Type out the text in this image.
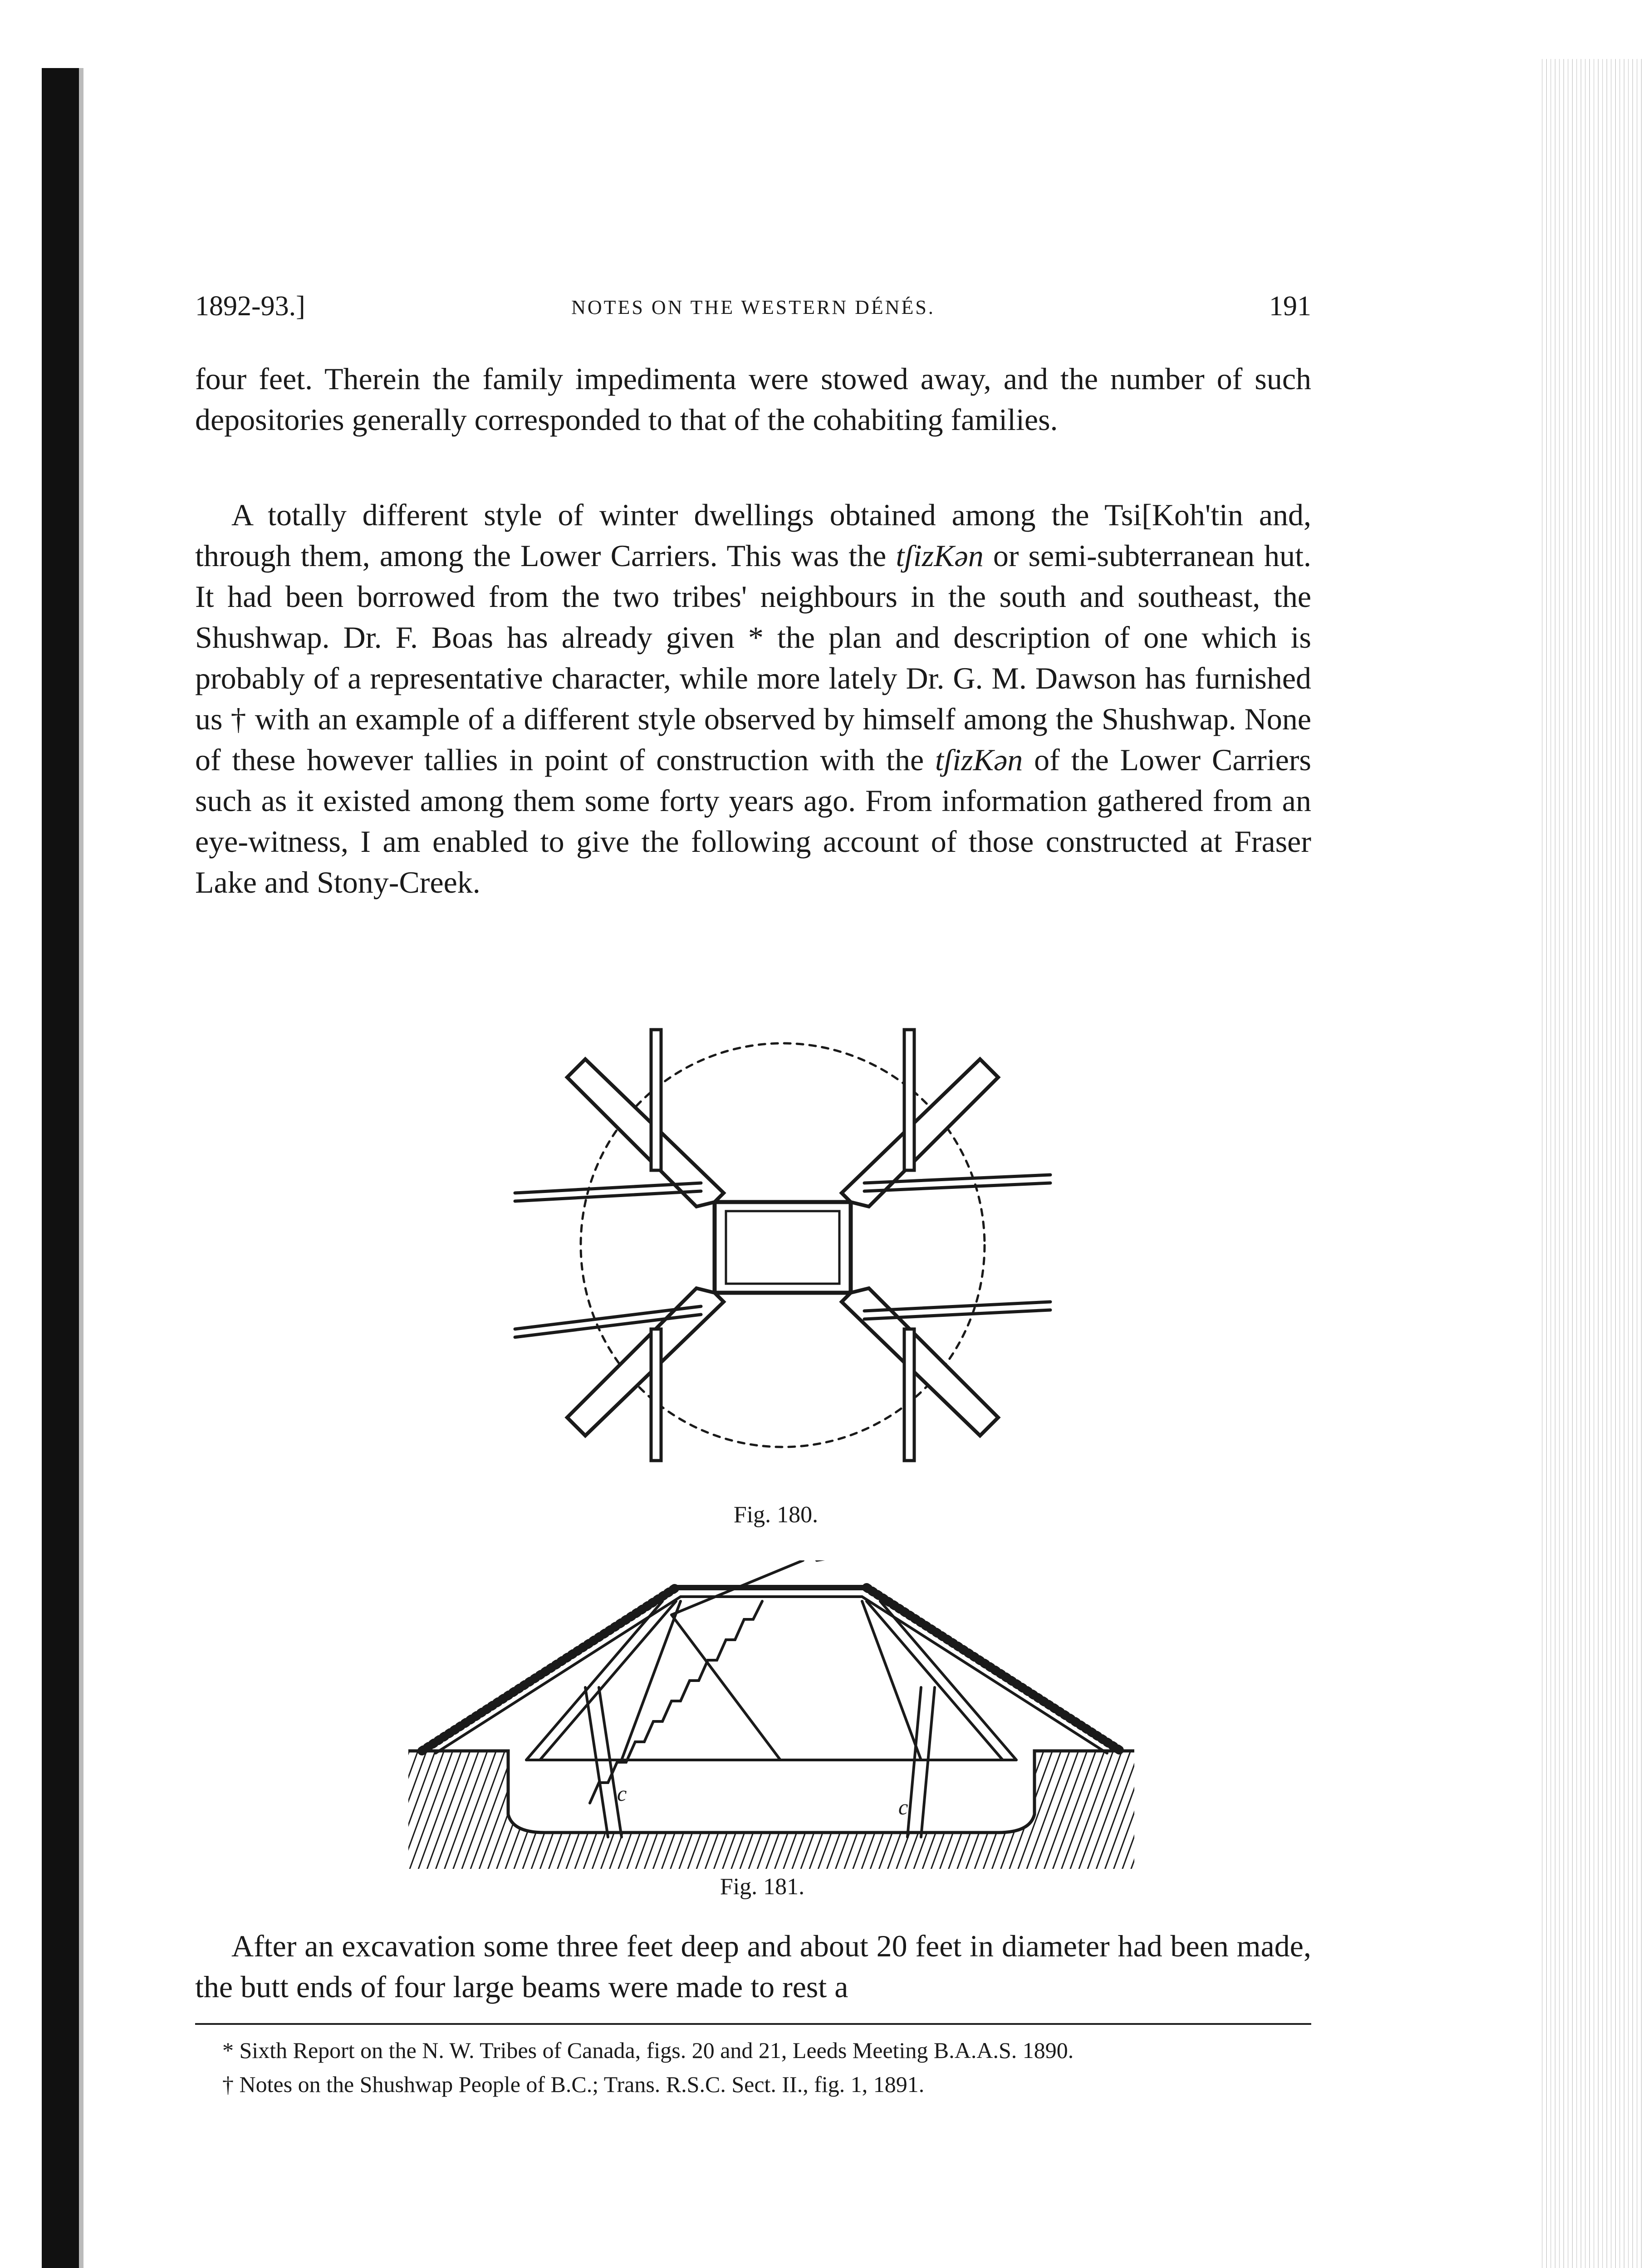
1892-93.]	NOTES ON THE WESTERN DÉNÉS.	191
four feet. Therein the family impedimenta were stowed away, and the number of such depositories generally corresponded to that of the cohabiting families.
A totally different style of winter dwellings obtained among the Tsi[Koh'tin and, through them, among the Lower Carriers. This was the tʃizKən or semi-subterranean hut. It had been borrowed from the two tribes' neighbours in the south and southeast, the Shushwap. Dr. F. Boas has already given * the plan and description of one which is probably of a representative character, while more lately Dr. G. M. Dawson has furnished us † with an example of a different style observed by himself among the Shushwap. None of these however tallies in point of construction with the tʃizKən of the Lower Carriers such as it existed among them some forty years ago. From information gathered from an eye-witness, I am enabled to give the following account of those constructed at Fraser Lake and Stony-Creek.
Fig. 180.
c
c
Fig. 181.
After an excavation some three feet deep and about 20 feet in diameter had been made, the butt ends of four large beams were made to rest a
* Sixth Report on the N. W. Tribes of Canada, figs. 20 and 21, Leeds Meeting B.A.A.S. 1890.
† Notes on the Shushwap People of B.C.; Trans. R.S.C. Sect. II., fig. 1, 1891.
